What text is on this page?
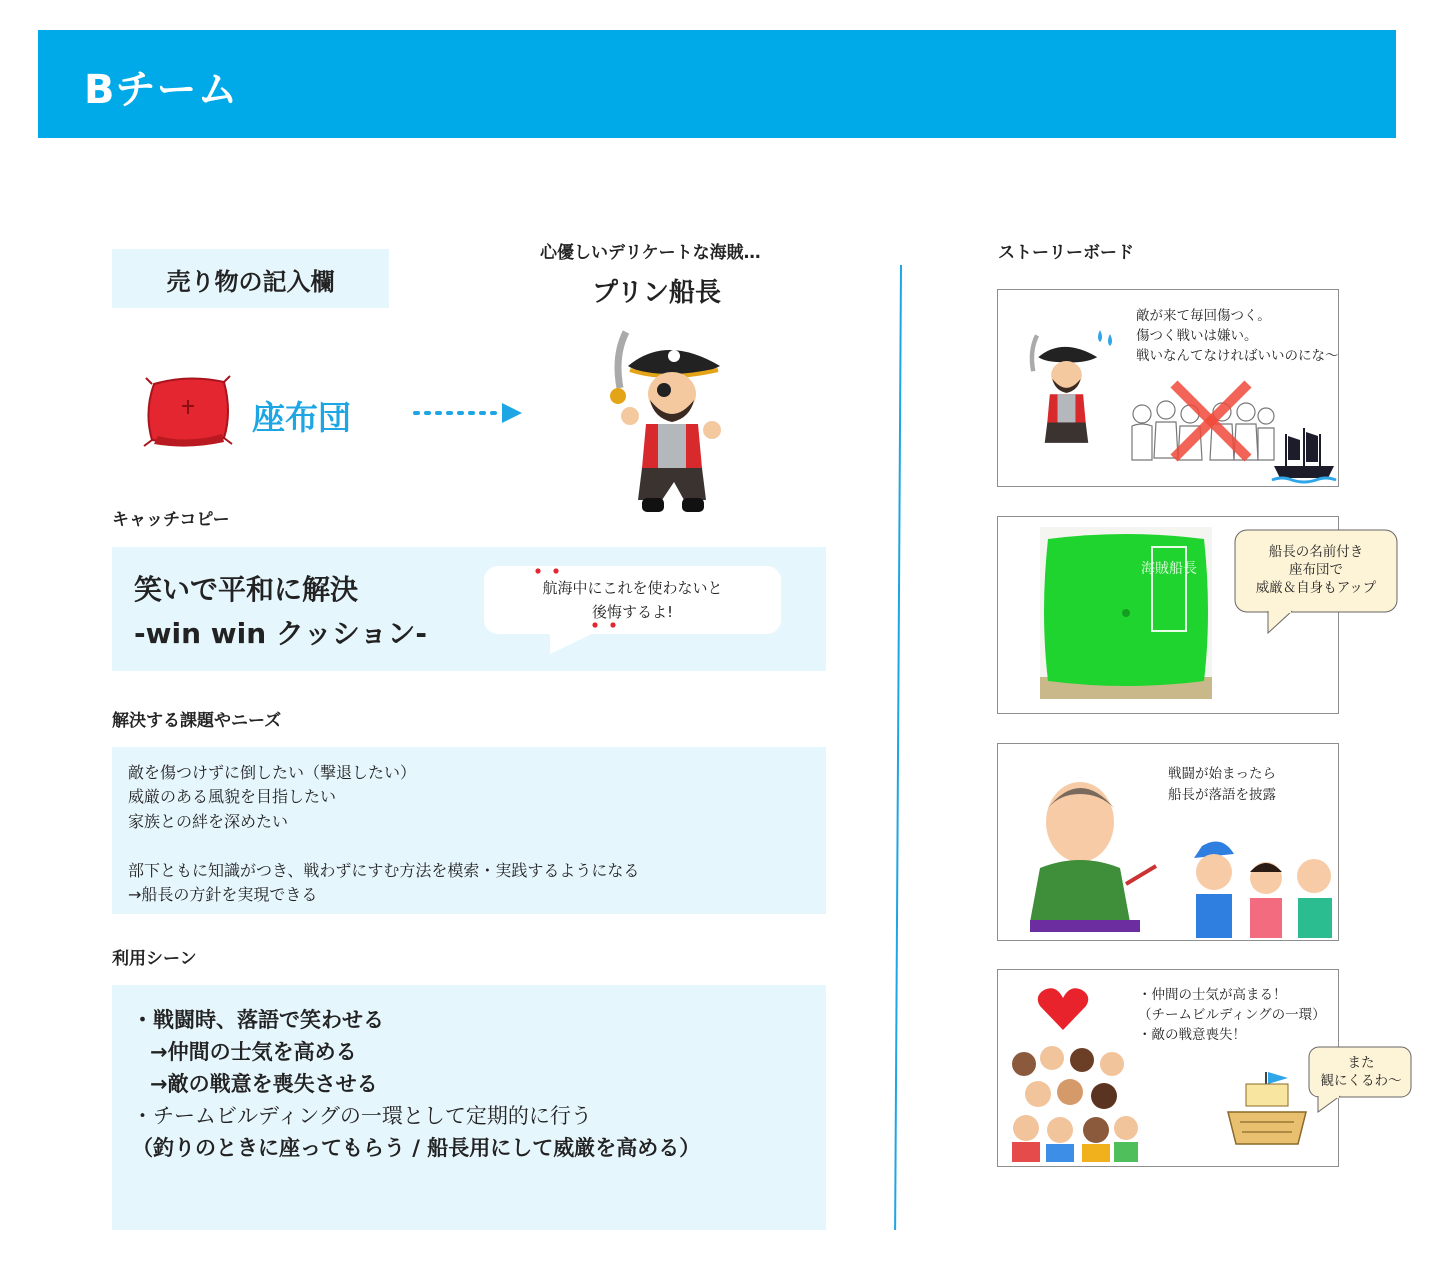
Bチーム
売り物の記入欄
座布団
心優しいデリケートな海賊…
プリン船長
キャッチコピー
笑いで平和に解決
-win win クッション-
航海中にこれを使わないと
後悔するよ!
解決する課題やニーズ
敵を傷つけずに倒したい（撃退したい）
威厳のある風貌を目指したい
家族との絆を深めたい
部下ともに知識がつき、戦わずにすむ方法を模索・実践するようになる
→船長の方針を実現できる
利用シーン
・戦闘時、落語で笑わせる
→仲間の士気を高める
→敵の戦意を喪失させる
・チームビルディングの一環として定期的に行う
（釣りのときに座ってもらう / 船長用にして威厳を高める）
ストーリーボード
敵が来て毎回傷つく。
傷つく戦いは嫌い。
戦いなんてなければいいのにな〜
海賊船長
船長の名前付き
座布団で
威厳＆自身もアップ
戦闘が始まったら
船長が落語を披露
・仲間の士気が高まる！
（チームビルディングの一環）
・敵の戦意喪失！
また
観にくるわ〜
